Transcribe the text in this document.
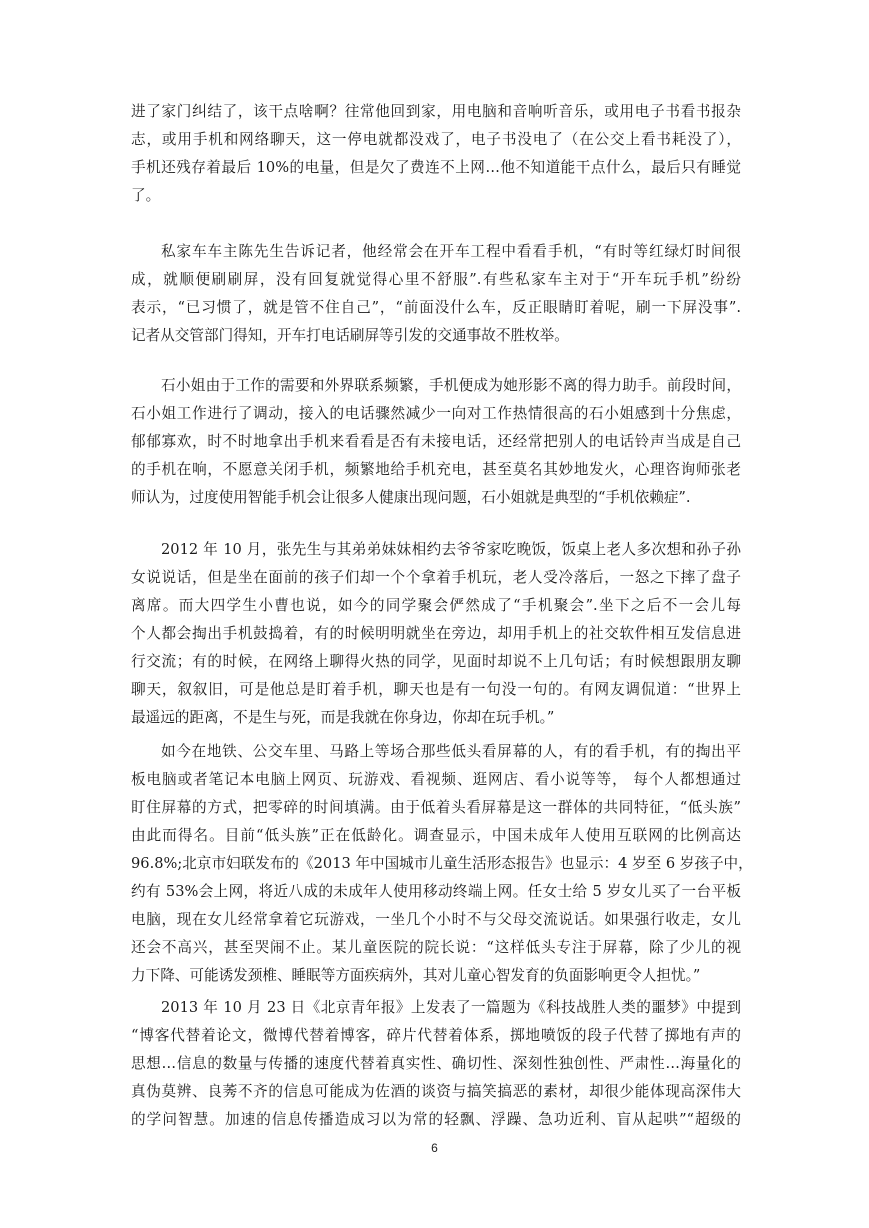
进了家门纠结了，该干点啥啊？往常他回到家，用电脑和音响听音乐，或用电子书看书报杂
志，或用手机和网络聊天，这一停电就都没戏了，电子书没电了（在公交上看书耗没了），
手机还残存着最后 10%的电量，但是欠了费连不上网…他不知道能干点什么，最后只有睡觉
了。
私家车车主陈先生告诉记者，他经常会在开车工程中看看手机，“有时等红绿灯时间很
成，就顺便刷刷屏，没有回复就觉得心里不舒服”.有些私家车主对于“开车玩手机”纷纷
表示，“已习惯了，就是管不住自己”，“前面没什么车，反正眼睛盯着呢，刷一下屏没事”.
记者从交管部门得知，开车打电话刷屏等引发的交通事故不胜枚举。
石小姐由于工作的需要和外界联系频繁，手机便成为她形影不离的得力助手。前段时间，
石小姐工作进行了调动，接入的电话骤然减少一向对工作热情很高的石小姐感到十分焦虑，
郁郁寡欢，时不时地拿出手机来看看是否有未接电话，还经常把别人的电话铃声当成是自己
的手机在响，不愿意关闭手机，频繁地给手机充电，甚至莫名其妙地发火，心理咨询师张老
师认为，过度使用智能手机会让很多人健康出现问题，石小姐就是典型的“手机依赖症”.
2012 年 10 月，张先生与其弟弟妹妹相约去爷爷家吃晚饭，饭桌上老人多次想和孙子孙
女说说话，但是坐在面前的孩子们却一个个拿着手机玩，老人受冷落后，一怒之下摔了盘子
离席。而大四学生小曹也说，如今的同学聚会俨然成了“手机聚会”.坐下之后不一会儿每
个人都会掏出手机鼓捣着，有的时候明明就坐在旁边，却用手机上的社交软件相互发信息进
行交流；有的时候，在网络上聊得火热的同学，见面时却说不上几句话；有时候想跟朋友聊
聊天，叙叙旧，可是他总是盯着手机，聊天也是有一句没一句的。有网友调侃道：“世界上
最遥远的距离，不是生与死，而是我就在你身边，你却在玩手机。”
如今在地铁、公交车里、马路上等场合那些低头看屏幕的人，有的看手机，有的掏出平
板电脑或者笔记本电脑上网页、玩游戏、看视频、逛网店、看小说等等， 每个人都想通过
盯住屏幕的方式，把零碎的时间填满。由于低着头看屏幕是这一群体的共同特征，“低头族”
由此而得名。目前“低头族”正在低龄化。调查显示，中国未成年人使用互联网的比例高达
96.8%;北京市妇联发布的《2013 年中国城市儿童生活形态报告》也显示：4 岁至 6 岁孩子中，
约有 53%会上网，将近八成的未成年人使用移动终端上网。任女士给 5 岁女儿买了一台平板
电脑，现在女儿经常拿着它玩游戏，一坐几个小时不与父母交流说话。如果强行收走，女儿
还会不高兴，甚至哭闹不止。某儿童医院的院长说：“这样低头专注于屏幕，除了少儿的视
力下降、可能诱发颈椎、睡眠等方面疾病外，其对儿童心智发育的负面影响更令人担忧。”
2013 年 10 月 23 日《北京青年报》上发表了一篇题为《科技战胜人类的噩梦》中提到
“博客代替着论文，微博代替着博客，碎片代替着体系，掷地喷饭的段子代替了掷地有声的
思想…信息的数量与传播的速度代替着真实性、确切性、深刻性独创性、严肃性…海量化的
真伪莫辨、良莠不齐的信息可能成为佐酒的谈资与搞笑搞恶的素材，却很少能体现高深伟大
的学问智慧。加速的信息传播造成习以为常的轻飘、浮躁、急功近利、盲从起哄”“超级的
6
